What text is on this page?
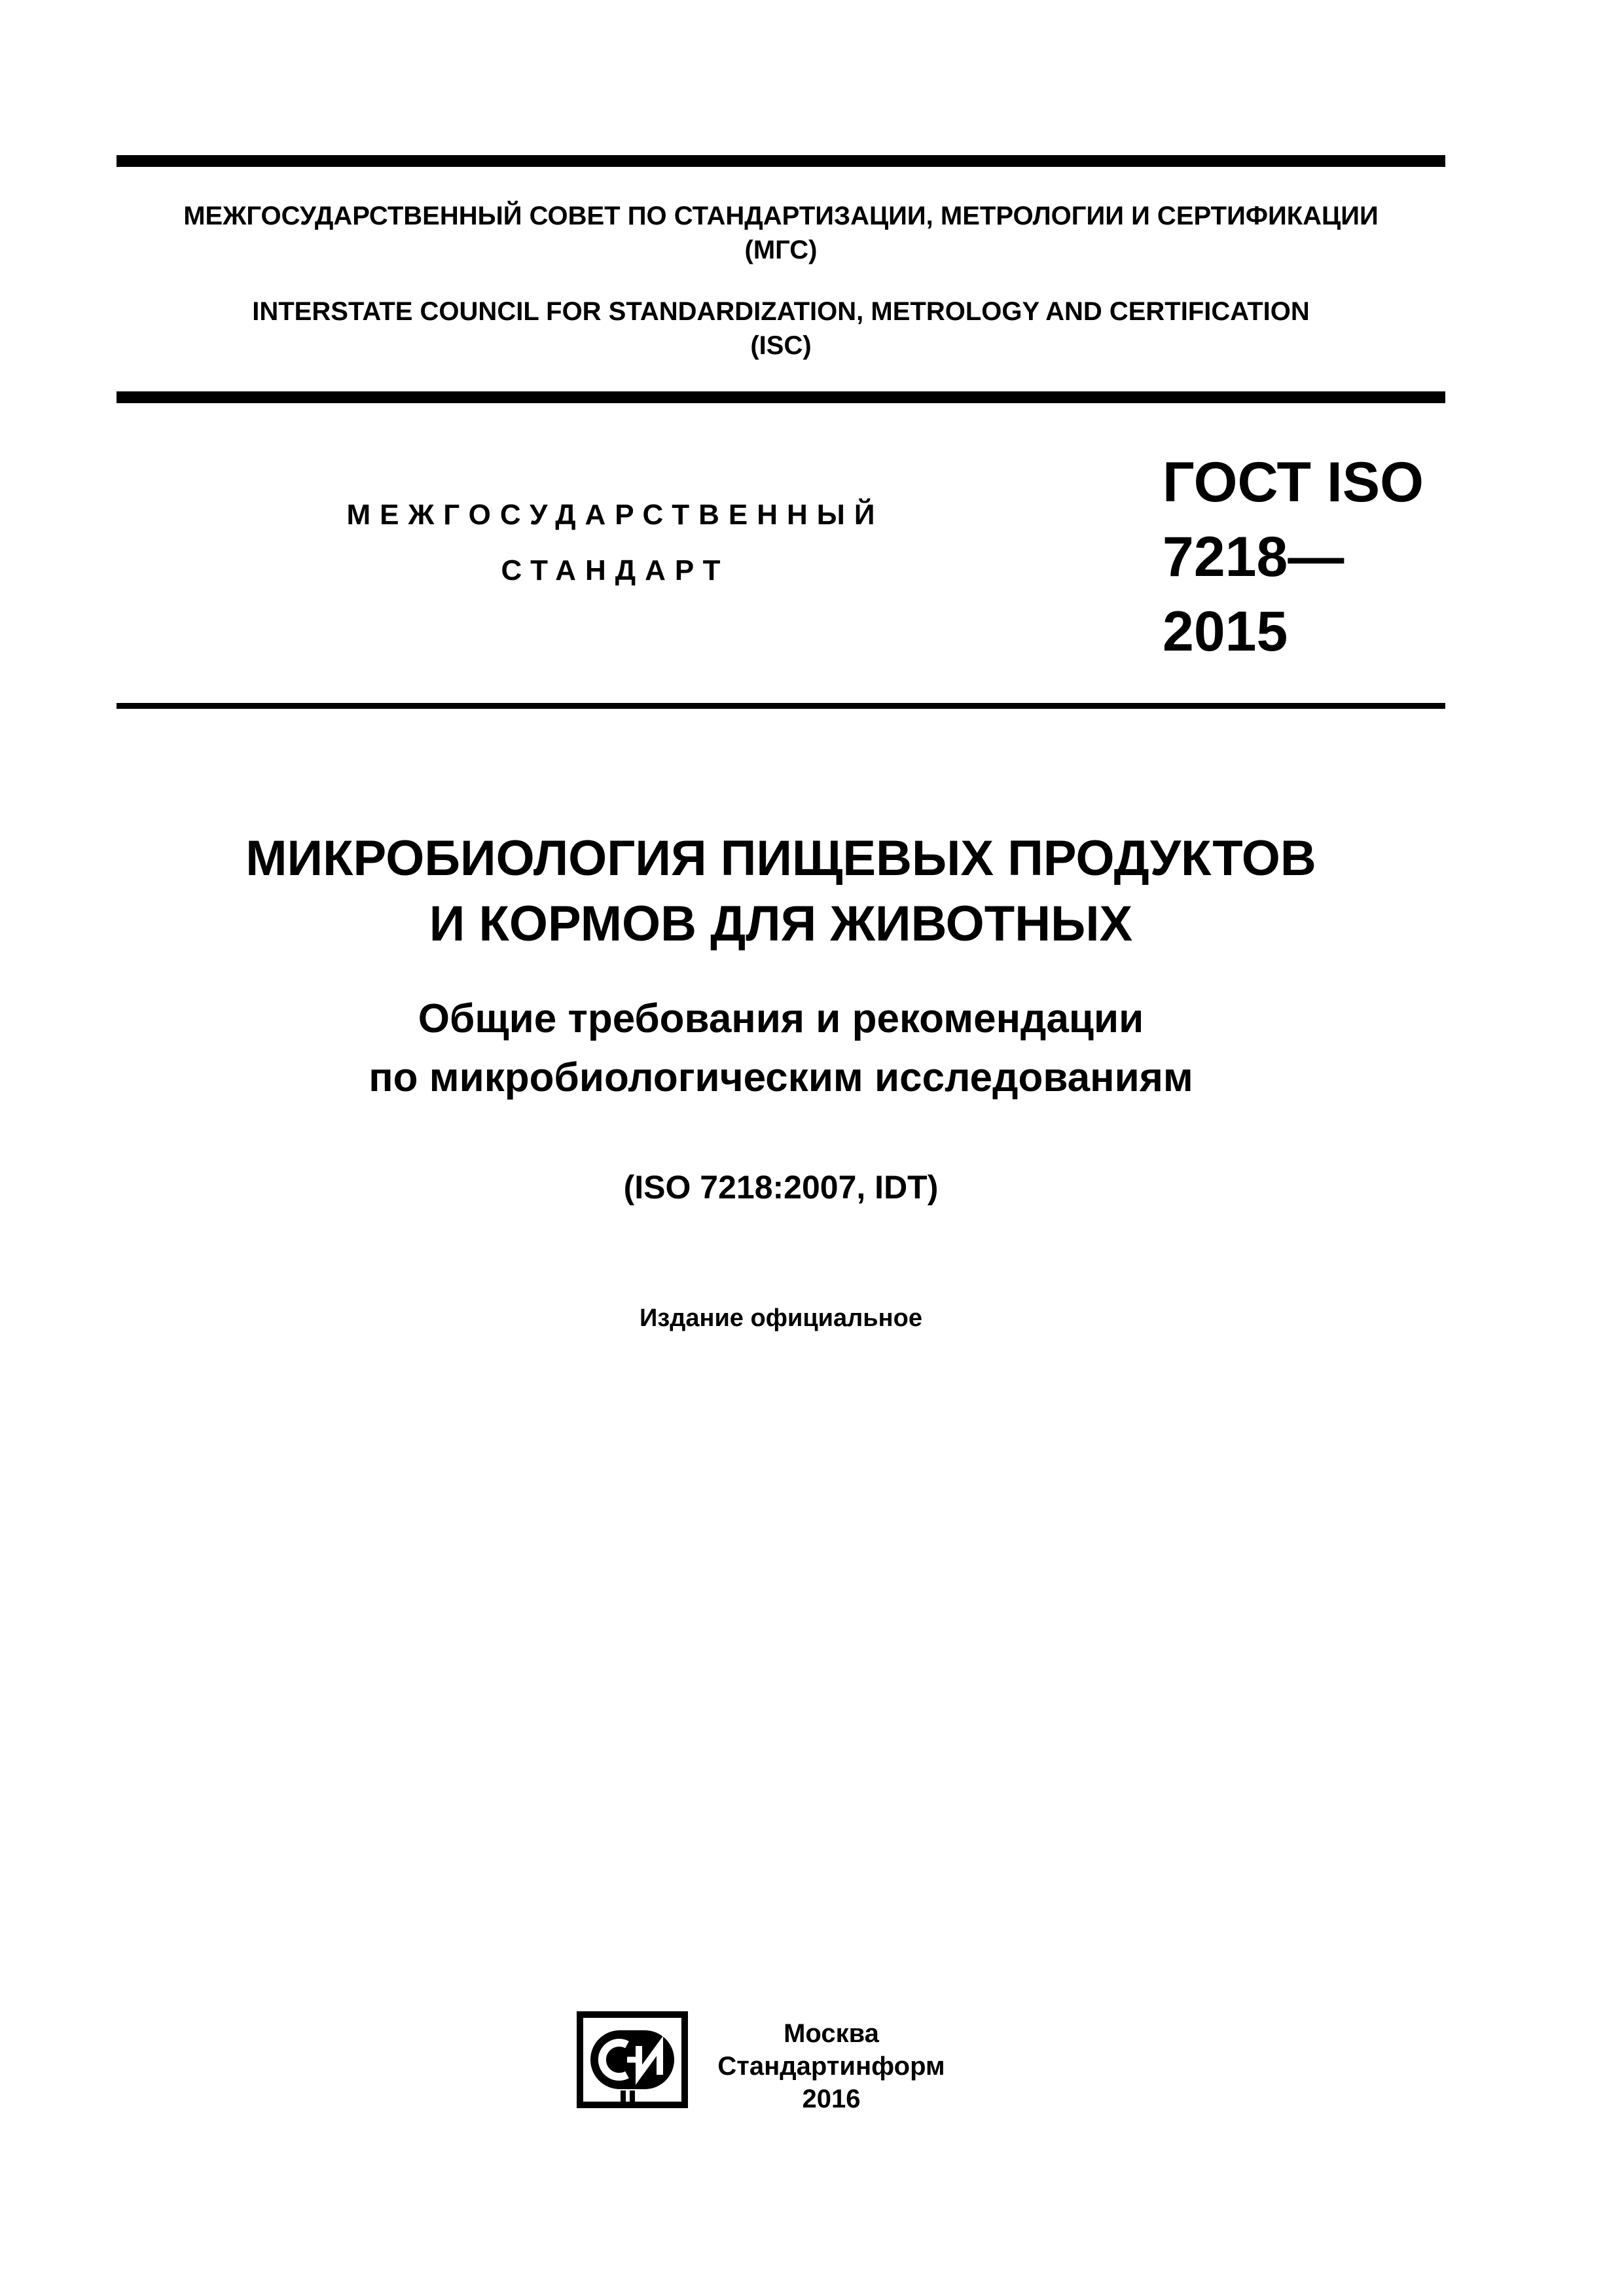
МЕЖГОСУДАРСТВЕННЫЙ СОВЕТ ПО СТАНДАРТИЗАЦИИ, МЕТРОЛОГИИ И СЕРТИФИКАЦИИ
(МГС)
INTERSTATE COUNCIL FOR STANDARDIZATION, METROLOGY AND CERTIFICATION
(ISC)
МЕЖГОСУДАРСТВЕННЫЙ
СТАНДАРТ
ГОСТ ISO
7218—
2015
МИКРОБИОЛОГИЯ ПИЩЕВЫХ ПРОДУКТОВ
И КОРМОВ ДЛЯ ЖИВОТНЫХ
Общие требования и рекомендации
по микробиологическим исследованиям
(ISO 7218:2007, IDT)
Издание официальное
Москва
Стандартинформ
2016
